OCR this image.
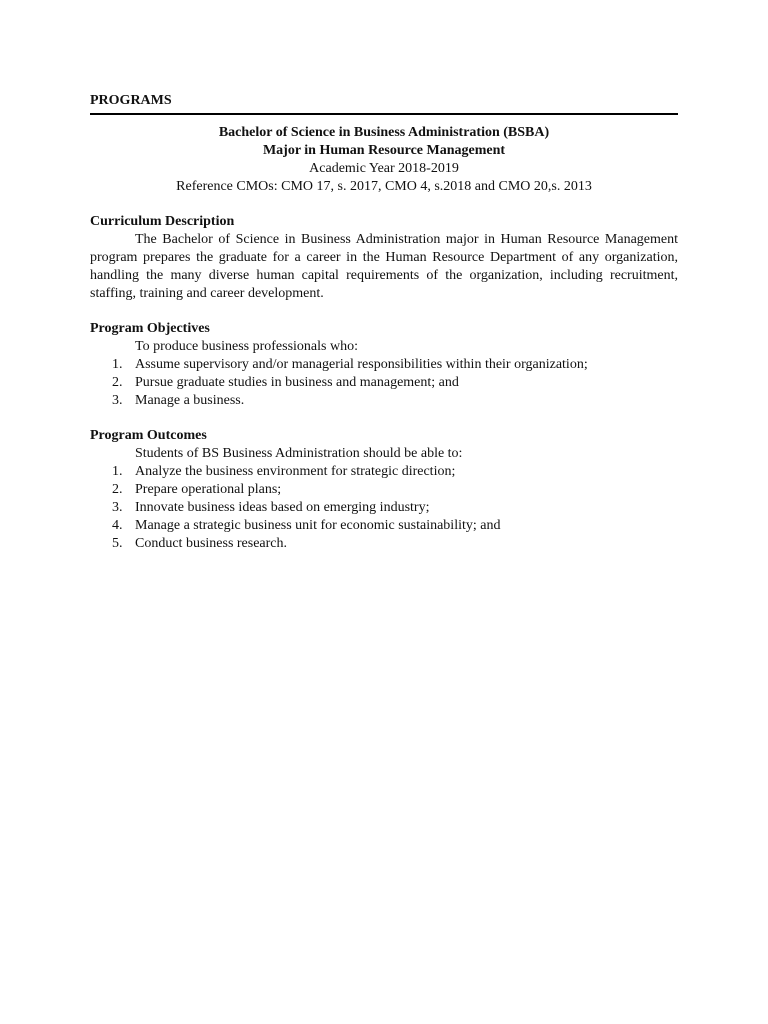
PROGRAMS
Bachelor of Science in Business Administration (BSBA)
Major in Human Resource Management
Academic Year 2018-2019
Reference CMOs: CMO 17, s. 2017, CMO 4, s.2018 and CMO 20,s. 2013
Curriculum Description
The Bachelor of Science in Business Administration major in Human Resource Management program prepares the graduate for a career in the Human Resource Department of any organization, handling the many diverse human capital requirements of the organization, including recruitment, staffing, training and career development.
Program Objectives
To produce business professionals who:
1. Assume supervisory and/or managerial responsibilities within their organization;
2. Pursue graduate studies in business and management; and
3. Manage a business.
Program Outcomes
Students of BS Business Administration should be able to:
1. Analyze the business environment for strategic direction;
2. Prepare operational plans;
3. Innovate business ideas based on emerging industry;
4. Manage a strategic business unit for economic sustainability; and
5. Conduct business research.
